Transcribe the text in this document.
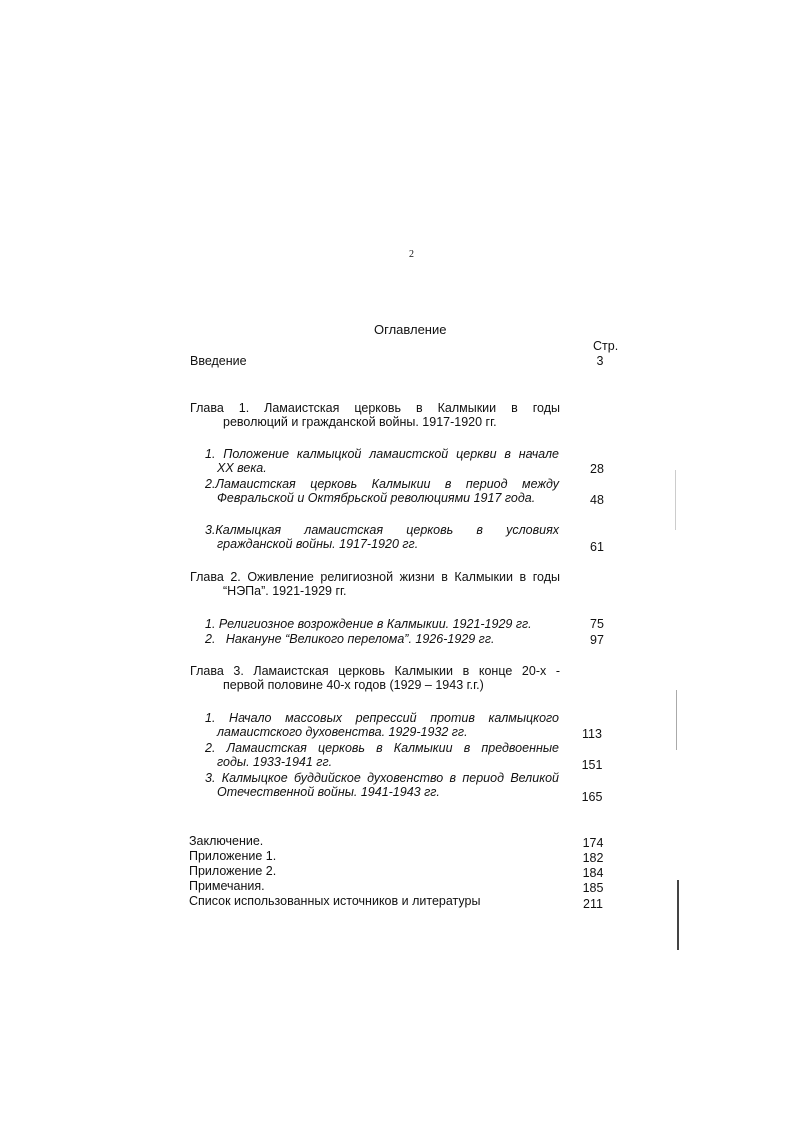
2
Оглавление
Стр.
Введение	3
Глава 1. Ламаистская церковь в Калмыкии в годы
революций и гражданской войны. 1917-1920 гг.
1. Положение калмыцкой ламаистской церкви в начале
XX века.	28
2.Ламаистская церковь Калмыкии в период между
Февральской и Октябрьской революциями 1917 года.	48
3.Калмыцкая ламаистская церковь в условиях
гражданской войны. 1917-1920 гг.	61
Глава 2. Оживление религиозной жизни в Калмыкии в годы
“НЭПа”. 1921-1929 гг.
1. Религиозное возрождение в Калмыкии. 1921-1929 гг.	75
2.   Накануне “Великого перелома”. 1926-1929 гг.	97
Глава 3. Ламаистская церковь Калмыкии в конце 20-х -
первой половине 40-х годов (1929 – 1943 г.г.)
1. Начало массовых репрессий против калмыцкого
ламаистского духовенства. 1929-1932 гг.	113
2. Ламаистская церковь в Калмыкии в предвоенные
годы. 1933-1941 гг.	151
3. Калмыцкое буддийское духовенство в период Великой
Отечественной войны. 1941-1943 гг.	165
Заключение.	174
Приложение 1.	182
Приложение 2.	184
Примечания.	185
Список использованных источников и литературы	211
